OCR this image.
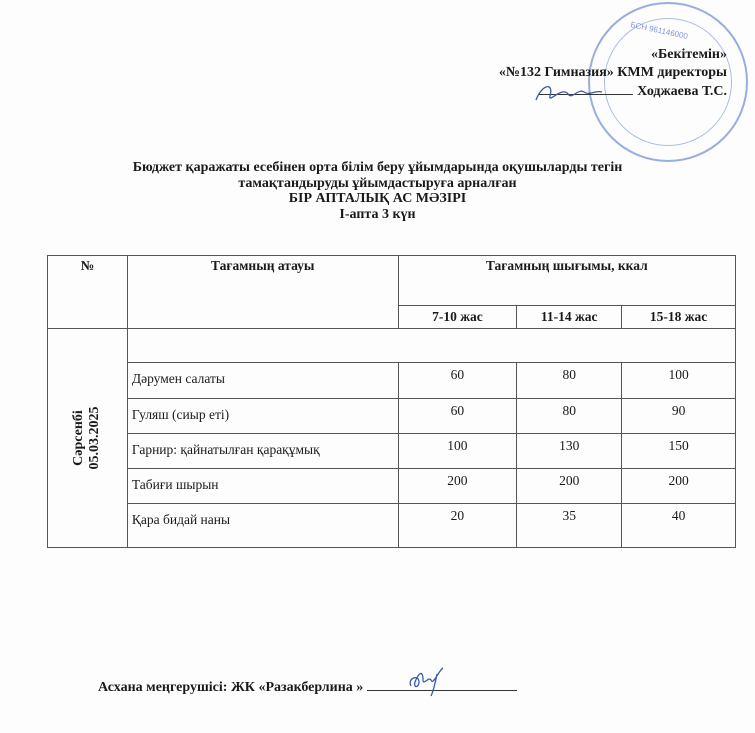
БСН 961146000
«Бекітемін»
«№132 Гимназия» КММ директоры
Ходжаева Т.С.
Бюджет қаражаты есебінен орта білім беру ұйымдарында оқушыларды тегін
тамақтандыруды ұйымдастыруға арналған
БІР АПТАЛЫҚ АС МӘЗІРІ
І-апта 3 күн
№	Тағамның атауы	Тағамның шығымы, ккал		
		7-10 жас	11-14 жас	15-18 жас

Сәрсенбі 05.03.2025				

	Дәрумен салаты	60	80	100
	Гуляш (сиыр еті)	60	80	90
	Гарнир: қайнатылған қарақұмық	100	130	150
	Табиғи шырын	200	200	200
	Қара бидай наны	20	35	40
Асхана меңгерушісі: ЖК «Разакберлина »
